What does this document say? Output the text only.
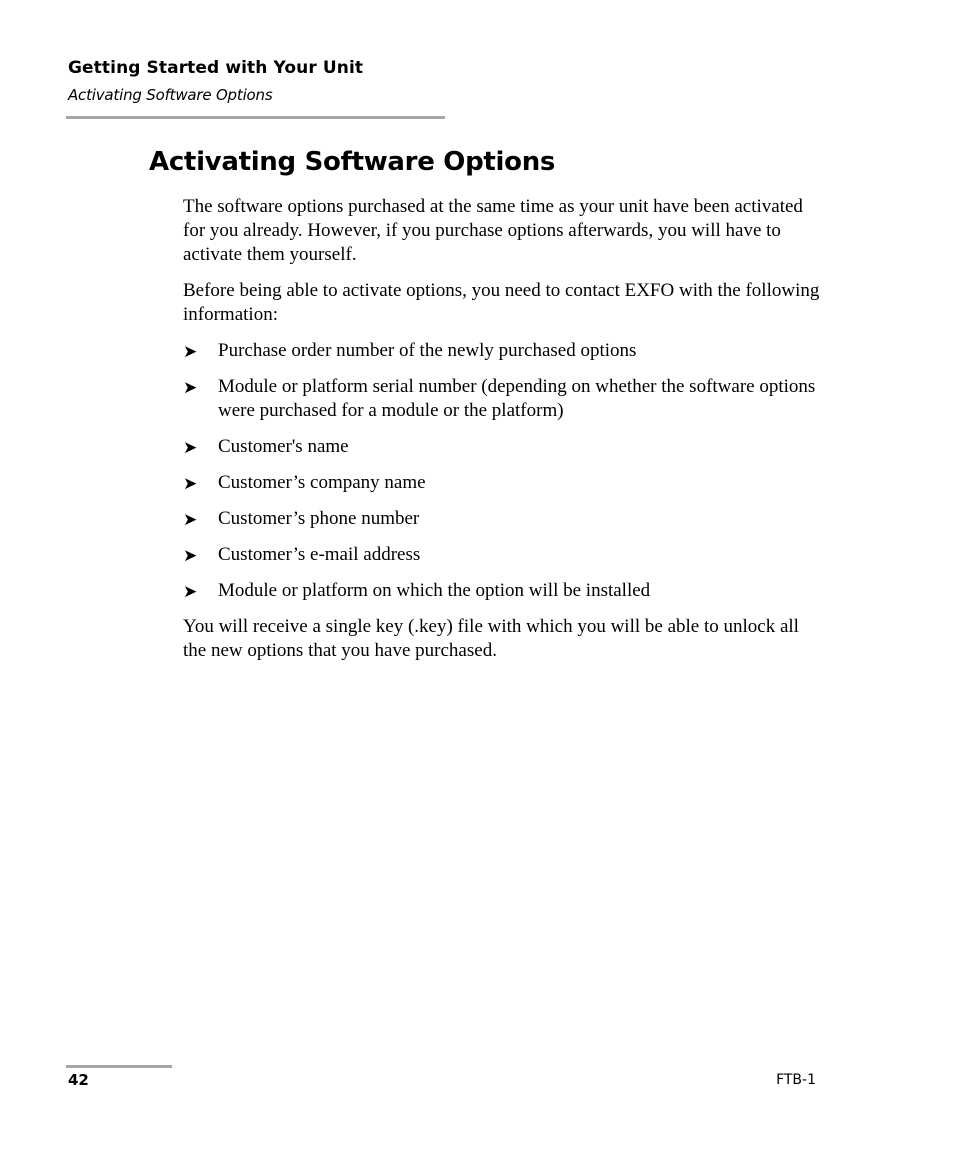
Getting Started with Your Unit
Activating Software Options
Activating Software Options

The software options purchased at the same time as your unit have been activated for you already. However, if you purchase options afterwards, you will have to activate them yourself.

Before being able to activate options, you need to contact EXFO with the following information:

➤ Purchase order number of the newly purchased options
➤ Module or platform serial number (depending on whether the software options were purchased for a module or the platform)
➤ Customer's name
➤ Customer’s company name
➤ Customer’s phone number
➤ Customer’s e-mail address
➤ Module or platform on which the option will be installed

You will receive a single key (.key) file with which you will be able to unlock all the new options that you have purchased.

42	FTB-1
